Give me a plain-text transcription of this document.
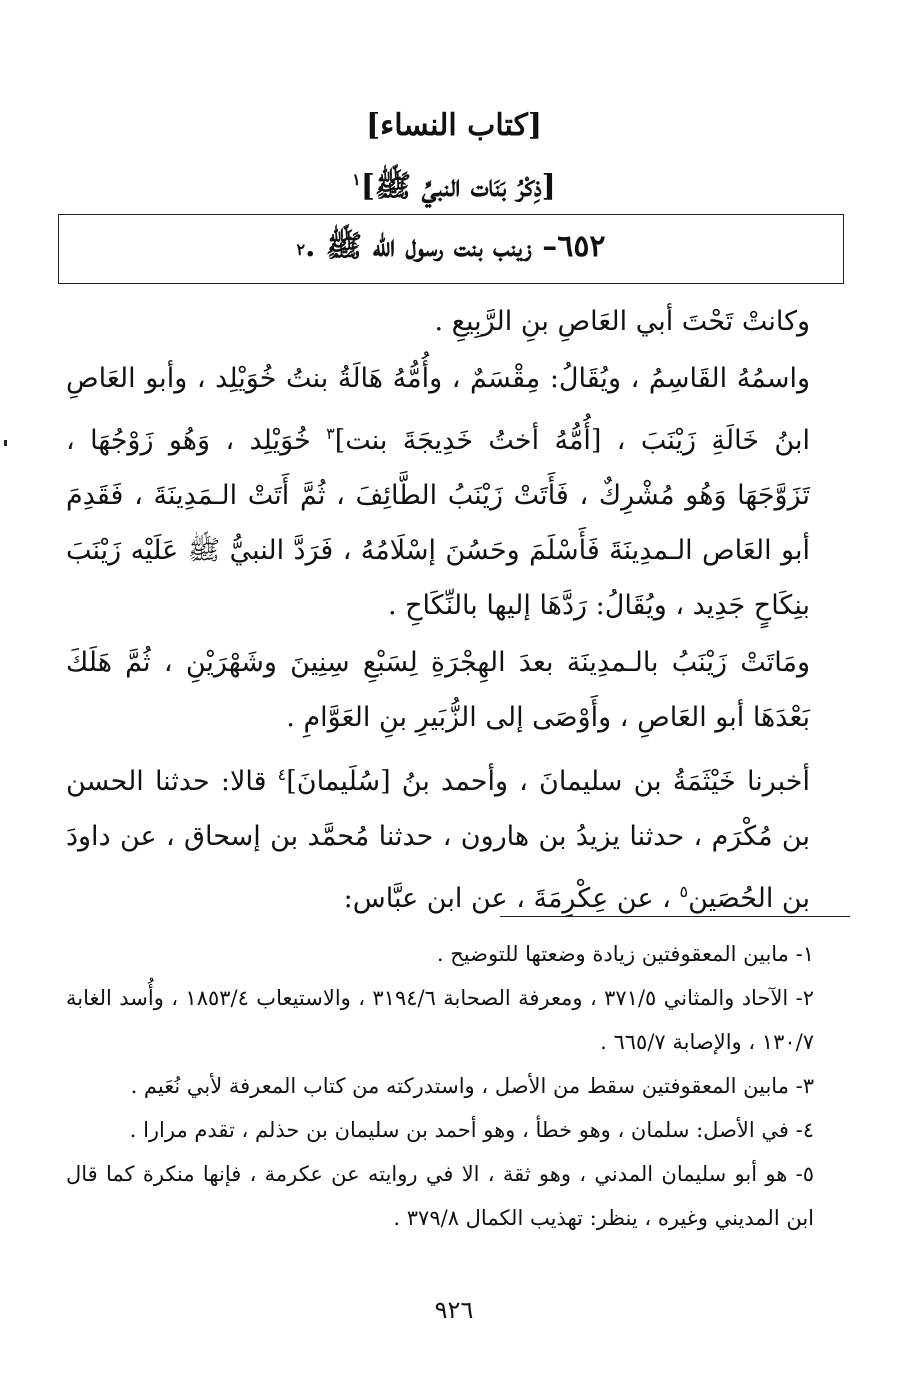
[كتاب النساء]
[ذِكْرُ بَنَات النبيِّ ﷺ]$^١$
٦٥٢– زينب بنت رسول الله ﷺ .
٢

وكانتْ تَحْتَ أبي العَاصِ بنِ الرَّبِيعِ .

واسمُهُ القَاسِمُ ، ويُقَالُ: مِقْسَمٌ ، وأُمُّهُ هَالَةُ بنتُ خُوَيْلِد ، وأبو العَاصِ ابنُ خَالَةِ زَيْنَبَ ، [أُمُّهُ أختُ خَدِيجَةَ بنت]$^٣$ خُوَيْلِد ، وَهُو زَوْجُهَا ، تَزَوَّجَهَا وَهُو مُشْرِكٌ ، فَأَتَتْ زَيْنَبُ الطَّائِفَ ، ثُمَّ أَتَتْ الـمَدِينَةَ ، فَقَدِمَ أبو العَاص الـمدِينَةَ فَأَسْلَمَ وحَسُنَ إسْلَامُهُ ، فَرَدَّ النبيُّ ﷺ عَلَيْه زَيْنَبَ بنِكَاحٍ جَدِيد ، ويُقَالُ: رَدَّهَا إليها بالنِّكَاحِ .

ومَاتَتْ زَيْنَبُ بالـمدِينَة بعدَ الهِجْرَةِ لِسَبْعِ سِنِينَ وشَهْرَيْنِ ، ثُمَّ هَلَكَ بَعْدَهَا أبو العَاصِ ، وأَوْصَى إلى الزُّبَيرِ بنِ العَوَّامِ .

أخبرنا خَيْثَمَةُ بن سليمانَ ، وأحمد بنُ [سُلَيمانَ]$^٤$ قالا: حدثنا الحسن بن مُكْرَم ، حدثنا يزيدُ بن هارون ، حدثنا مُحمَّد بن إسحاق ، عن داودَ بن الحُصَين$^٥$ ، عن عِكْرِمَةَ ، عن ابن عبَّاس:

١- مابين المعقوفتين زيادة وضعتها للتوضيح .

٢- الآحاد والمثاني ٣٧١/٥ ، ومعرفة الصحابة ٣١٩٤/٦ ، والاستيعاب ١٨٥٣/٤ ، وأُسد الغابة ١٣٠/٧ ، والإصابة ٦٦٥/٧ .

٣- مابين المعقوفتين سقط من الأصل ، واستدركته من كتاب المعرفة لأبي نُعَيم .

٤- في الأصل: سلمان ، وهو خطأ ، وهو أحمد بن سليمان بن حذلم ، تقدم مرارا .

٥- هو أبو سليمان المدني ، وهو ثقة ، الا في روايته عن عكرمة ، فإنها منكرة كما قال ابن المديني وغيره ، ينظر: تهذيب الكمال ٣٧٩/٨ .

٩٢٦
